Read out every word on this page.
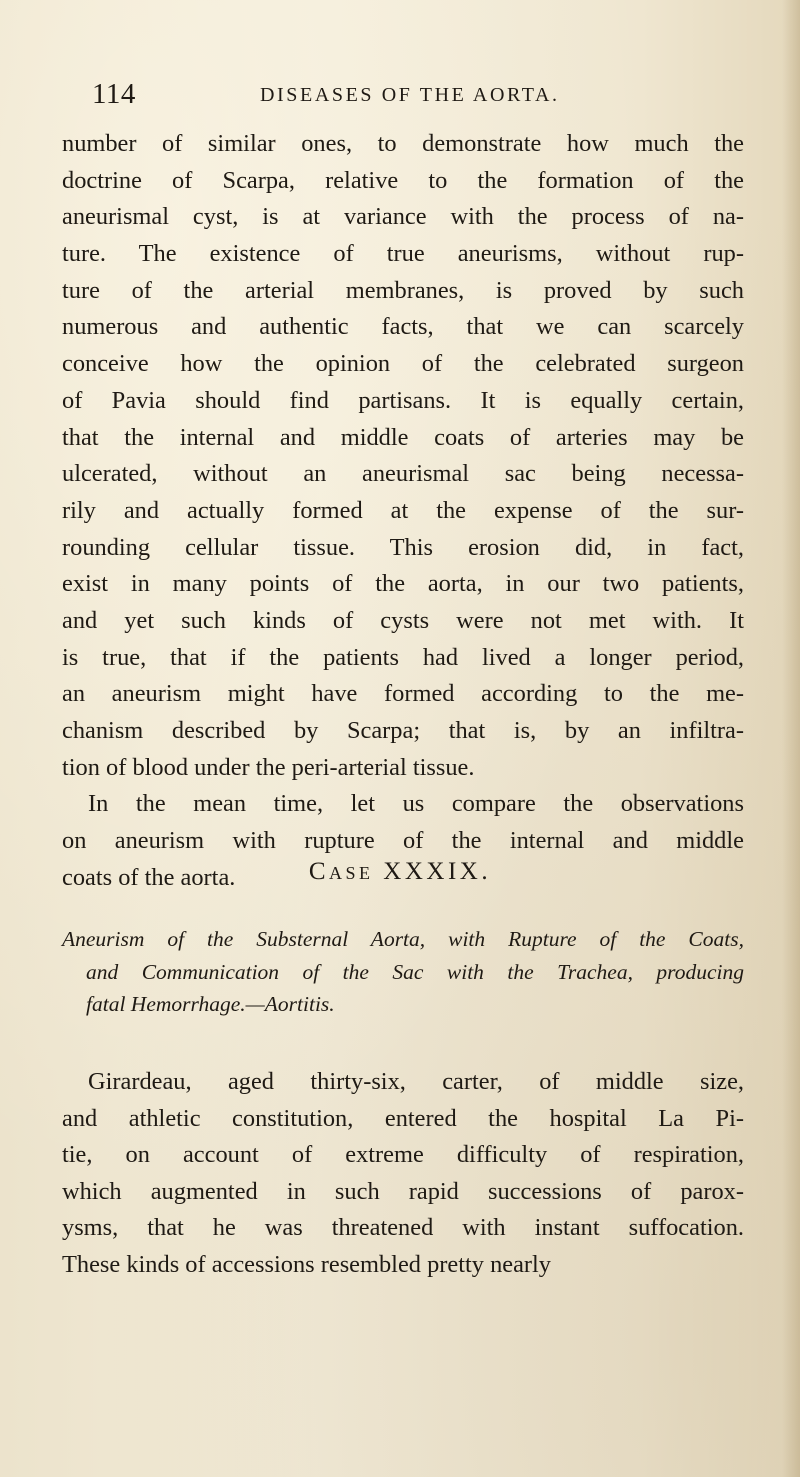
114	DISEASES OF THE AORTA.
number of similar ones, to demonstrate how much the
doctrine of Scarpa, relative to the formation of the
aneurismal cyst, is at variance with the process of na-
ture. The existence of true aneurisms, without rup-
ture of the arterial membranes, is proved by such
numerous and authentic facts, that we can scarcely
conceive how the opinion of the celebrated surgeon
of Pavia should find partisans. It is equally certain,
that the internal and middle coats of arteries may be
ulcerated, without an aneurismal sac being necessa-
rily and actually formed at the expense of the sur-
rounding cellular tissue. This erosion did, in fact,
exist in many points of the aorta, in our two patients,
and yet such kinds of cysts were not met with. It
is true, that if the patients had lived a longer period,
an aneurism might have formed according to the me-
chanism described by Scarpa; that is, by an infiltra-
tion of blood under the peri-arterial tissue.
In the mean time, let us compare the observations
on aneurism with rupture of the internal and middle
coats of the aorta.	Case XXXIX.
Aneurism of the Substernal Aorta, with Rupture of the Coats,
and Communication of the Sac with the Trachea, producing
fatal Hemorrhage.—Aortitis.
Girardeau, aged thirty-six, carter, of middle size,
and athletic constitution, entered the hospital La Pi-
tie, on account of extreme difficulty of respiration,
which augmented in such rapid successions of parox-
ysms, that he was threatened with instant suffocation.
These kinds of accessions resembled pretty nearly
